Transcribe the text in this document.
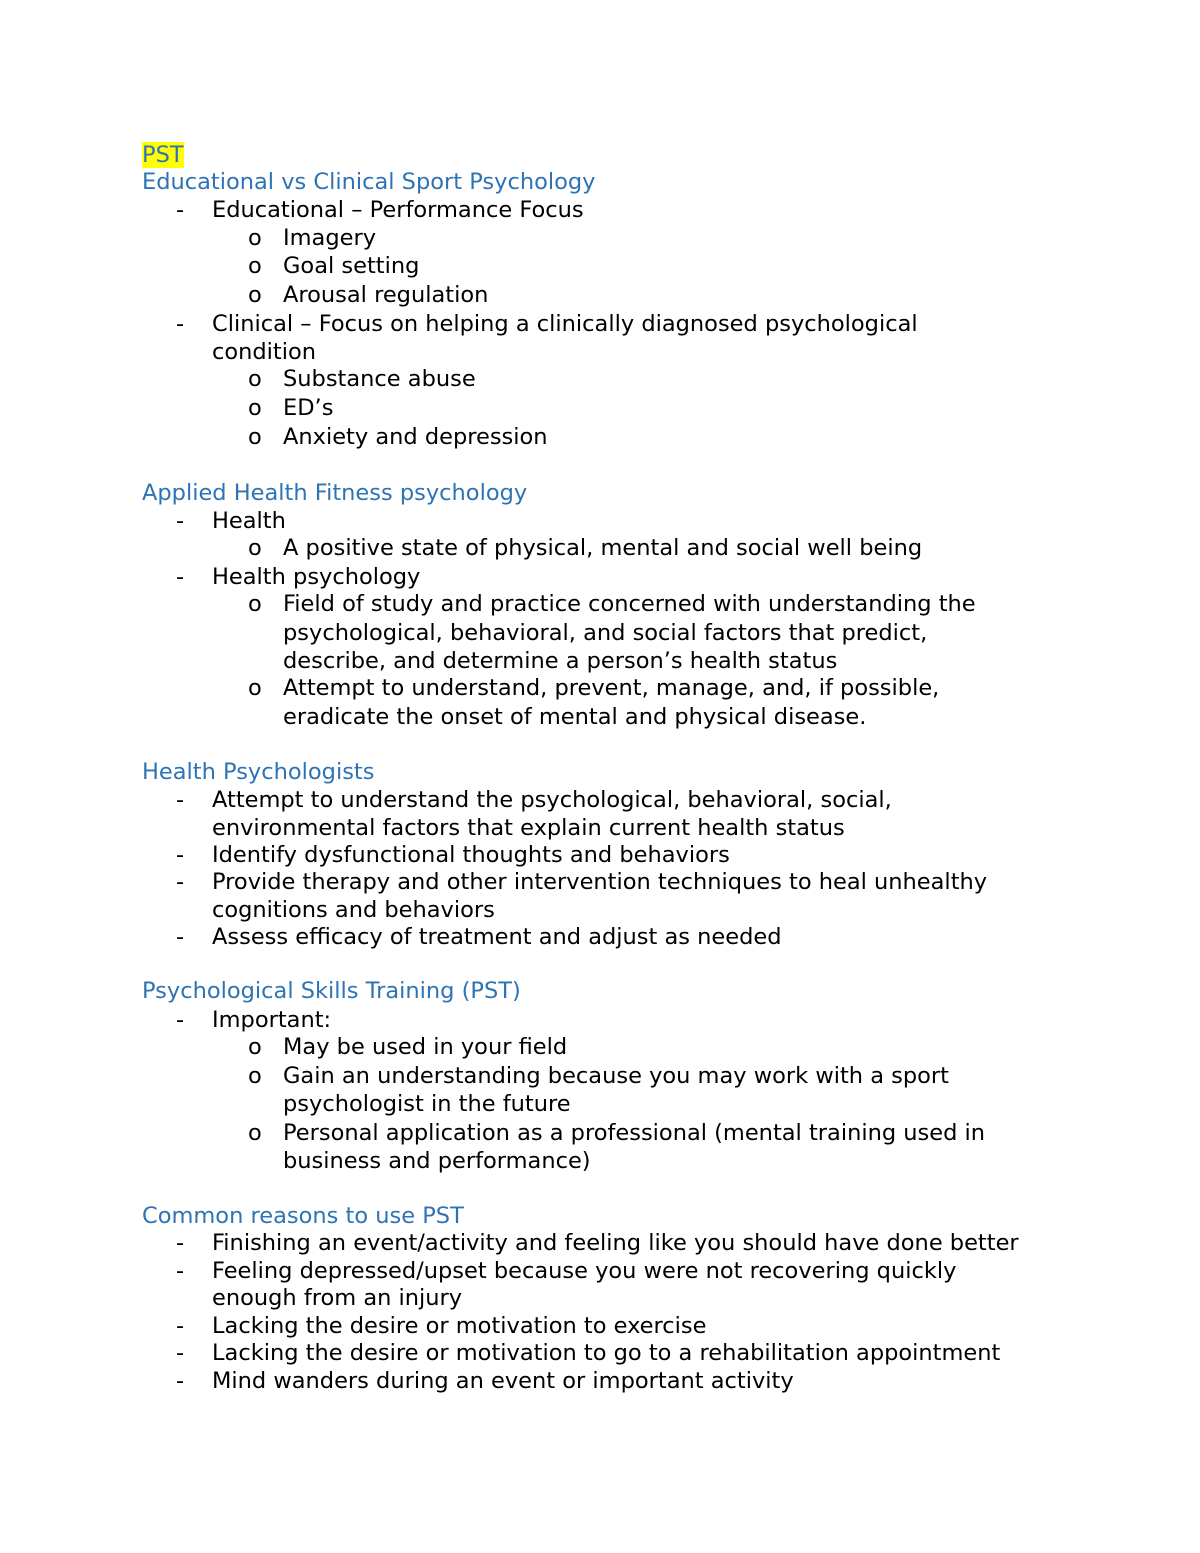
PST
Educational vs Clinical Sport Psychology
- Educational – Performance Focus
o Imagery
o Goal setting
o Arousal regulation
- Clinical – Focus on helping a clinically diagnosed psychological
condition
o Substance abuse
o ED’s
o Anxiety and depression
Applied Health Fitness psychology
- Health
o A positive state of physical, mental and social well being
- Health psychology
o Field of study and practice concerned with understanding the
psychological, behavioral, and social factors that predict,
describe, and determine a person’s health status
o Attempt to understand, prevent, manage, and, if possible,
eradicate the onset of mental and physical disease.
Health Psychologists
- Attempt to understand the psychological, behavioral, social,
environmental factors that explain current health status
- Identify dysfunctional thoughts and behaviors
- Provide therapy and other intervention techniques to heal unhealthy
cognitions and behaviors
- Assess efficacy of treatment and adjust as needed
Psychological Skills Training (PST)
- Important:
o May be used in your field
o Gain an understanding because you may work with a sport
psychologist in the future
o Personal application as a professional (mental training used in
business and performance)
Common reasons to use PST
- Finishing an event/activity and feeling like you should have done better
- Feeling depressed/upset because you were not recovering quickly
enough from an injury
- Lacking the desire or motivation to exercise
- Lacking the desire or motivation to go to a rehabilitation appointment
- Mind wanders during an event or important activity
